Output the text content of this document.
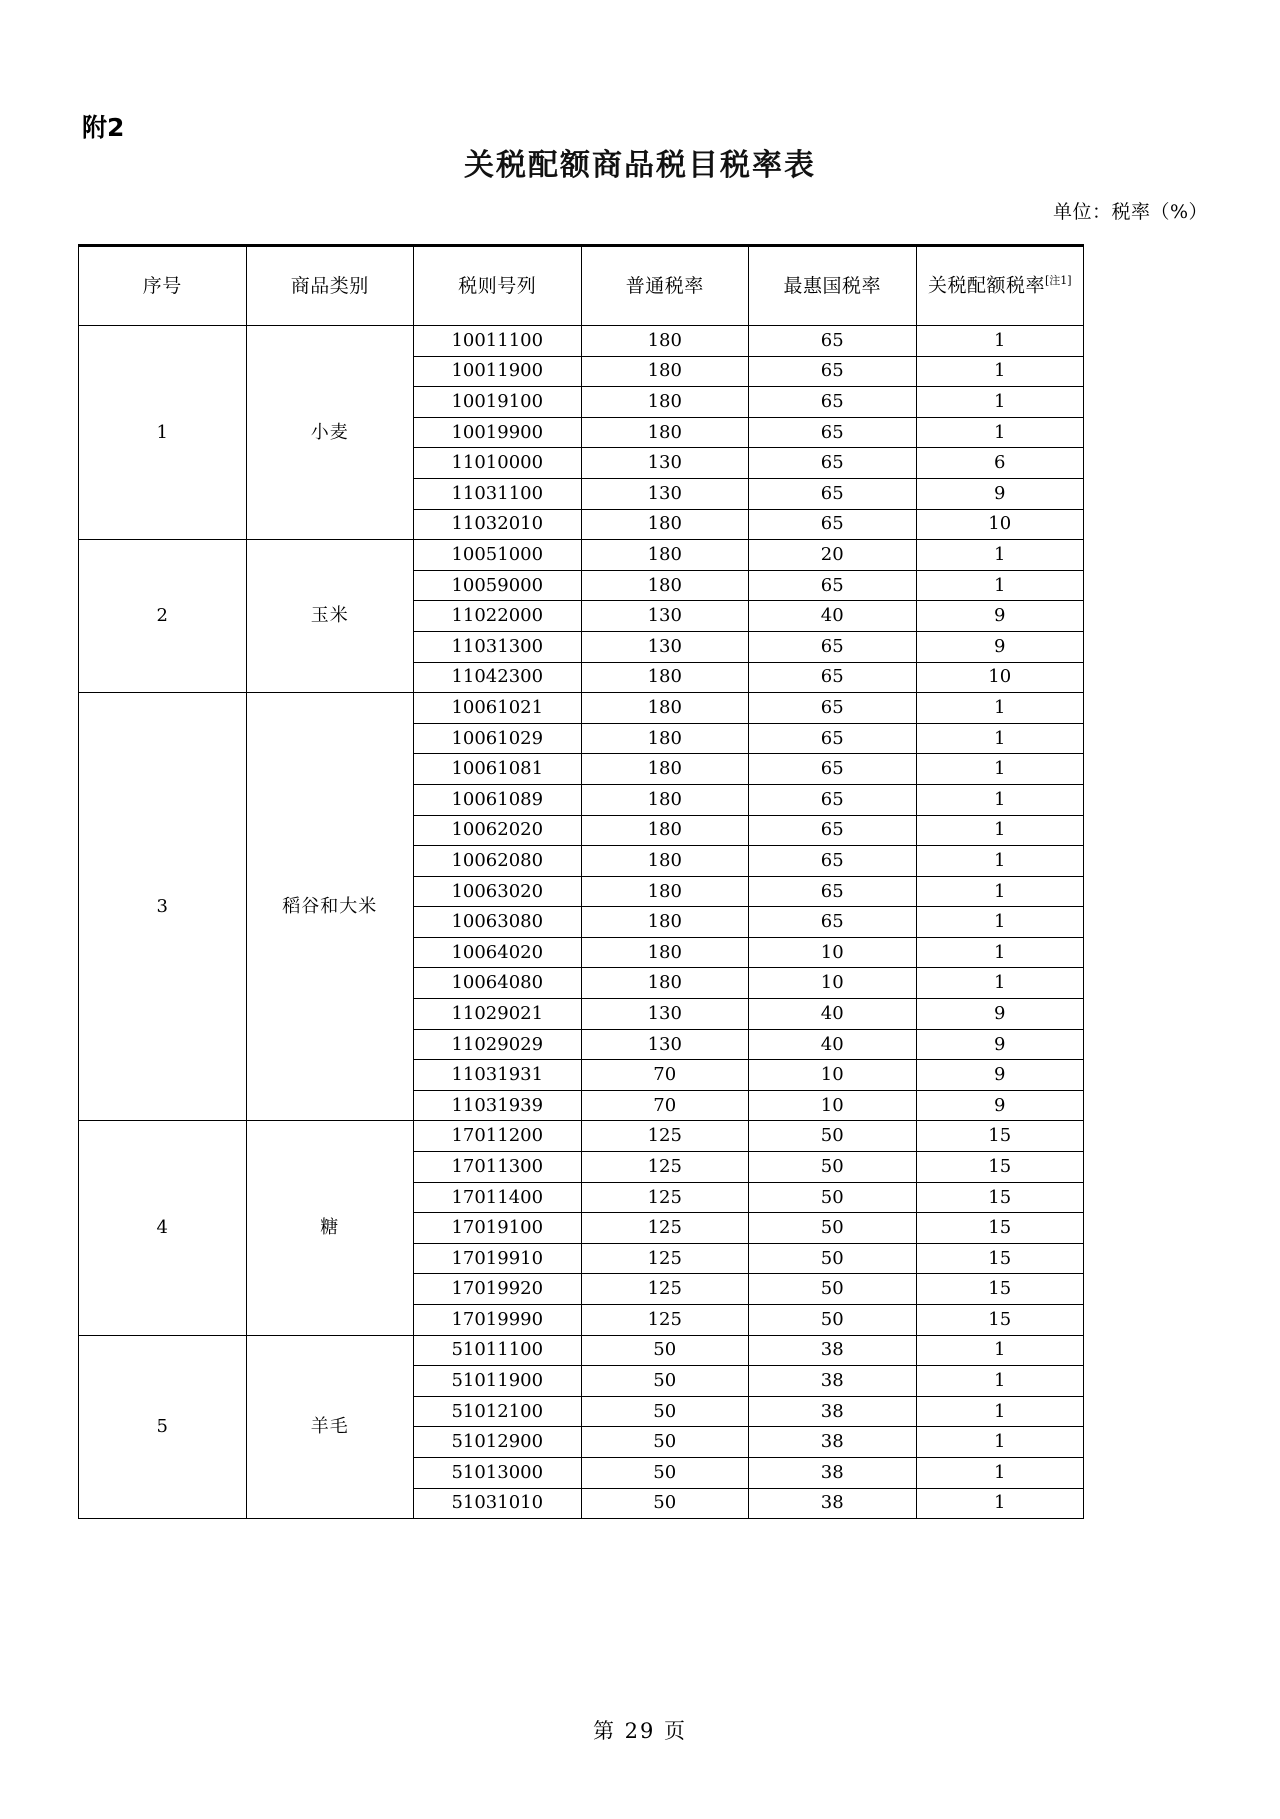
附2
关税配额商品税目税率表
单位：税率（%）
序号	商品类别	税则号列	普通税率	最惠国税率	关税配额税率[注1]
1	小麦	10011100	180	65	1
		10011900	180	65	1
		10019100	180	65	1
		10019900	180	65	1
		11010000	130	65	6
		11031100	130	65	9
		11032010	180	65	10
2	玉米	10051000	180	20	1
		10059000	180	65	1
		11022000	130	40	9
		11031300	130	65	9
		11042300	180	65	10
3	稻谷和大米	10061021	180	65	1
		10061029	180	65	1
		10061081	180	65	1
		10061089	180	65	1
		10062020	180	65	1
		10062080	180	65	1
		10063020	180	65	1
		10063080	180	65	1
		10064020	180	10	1
		10064080	180	10	1
		11029021	130	40	9
		11029029	130	40	9
		11031931	70	10	9
		11031939	70	10	9
4	糖	17011200	125	50	15
		17011300	125	50	15
		17011400	125	50	15
		17019100	125	50	15
		17019910	125	50	15
		17019920	125	50	15
		17019990	125	50	15
5	羊毛	51011100	50	38	1
		51011900	50	38	1
		51012100	50	38	1
		51012900	50	38	1
		51013000	50	38	1
		51031010	50	38	1
第 29 页
